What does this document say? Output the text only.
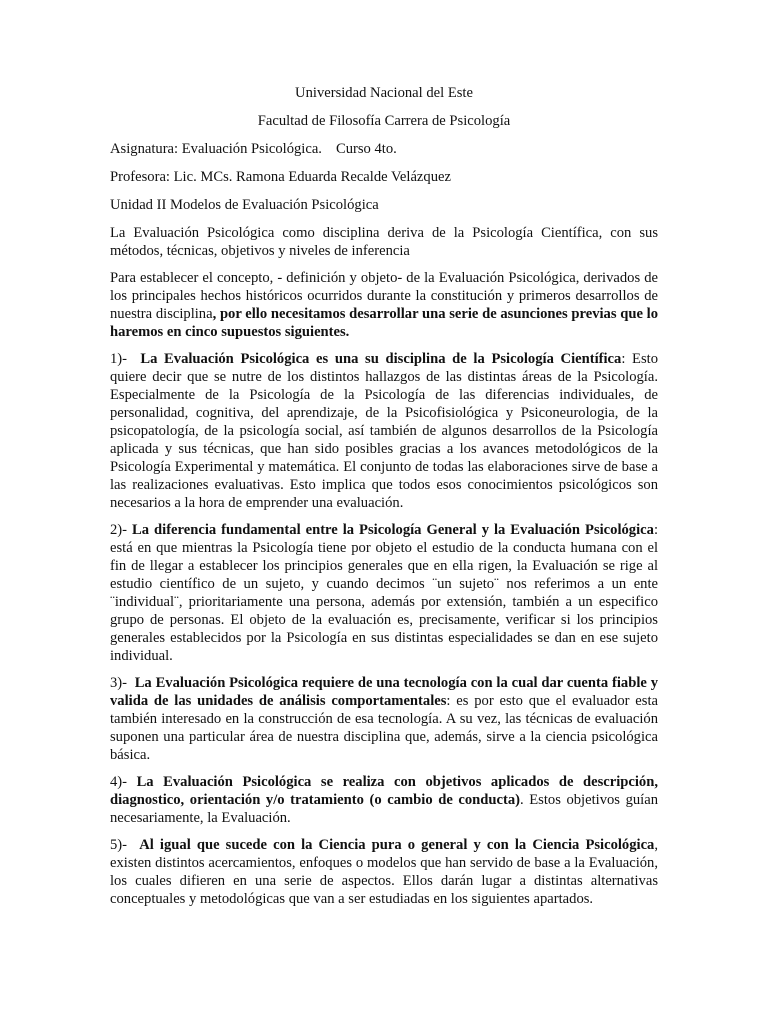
Universidad Nacional del Este

Facultad de Filosofía Carrera de Psicología

Asignatura: Evaluación Psicológica. Curso 4to.

Profesora: Lic. MCs. Ramona Eduarda Recalde Velázquez

Unidad II Modelos de Evaluación Psicológica

La Evaluación Psicológica como disciplina deriva de la Psicología Científica, con sus métodos, técnicas, objetivos y niveles de inferencia

Para establecer el concepto, - definición y objeto- de la Evaluación Psicológica, derivados de los principales hechos históricos ocurridos durante la constitución y primeros desarrollos de nuestra disciplina, por ello necesitamos desarrollar una serie de asunciones previas que lo haremos en cinco supuestos siguientes.

1)- La Evaluación Psicológica es una su disciplina de la Psicología Científica: Esto quiere decir que se nutre de los distintos hallazgos de las distintas áreas de la Psicología. Especialmente de la Psicología de la Psicología de las diferencias individuales, de personalidad, cognitiva, del aprendizaje, de la Psicofisiológica y Psiconeurologia, de la psicopatología, de la psicología social, así también de algunos desarrollos de la Psicología aplicada y sus técnicas, que han sido posibles gracias a los avances metodológicos de la Psicología Experimental y matemática. El conjunto de todas las elaboraciones sirve de base a las realizaciones evaluativas. Esto implica que todos esos conocimientos psicológicos son necesarios a la hora de emprender una evaluación.

2)- La diferencia fundamental entre la Psicología General y la Evaluación Psicológica: está en que mientras la Psicología tiene por objeto el estudio de la conducta humana con el fin de llegar a establecer los principios generales que en ella rigen, la Evaluación se rige al estudio científico de un sujeto, y cuando decimos ¨un sujeto¨ nos referimos a un ente ¨individual¨, prioritariamente una persona, además por extensión, también a un especifico grupo de personas. El objeto de la evaluación es, precisamente, verificar si los principios generales establecidos por la Psicología en sus distintas especialidades se dan en ese sujeto individual.

3)- La Evaluación Psicológica requiere de una tecnología con la cual dar cuenta fiable y valida de las unidades de análisis comportamentales: es por esto que el evaluador esta también interesado en la construcción de esa tecnología. A su vez, las técnicas de evaluación suponen una particular área de nuestra disciplina que, además, sirve a la ciencia psicológica básica.

4)- La Evaluación Psicológica se realiza con objetivos aplicados de descripción, diagnostico, orientación y/o tratamiento (o cambio de conducta). Estos objetivos guían necesariamente, la Evaluación.

5)- Al igual que sucede con la Ciencia pura o general y con la Ciencia Psicológica, existen distintos acercamientos, enfoques o modelos que han servido de base a la Evaluación, los cuales difieren en una serie de aspectos. Ellos darán lugar a distintas alternativas conceptuales y metodológicas que van a ser estudiadas en los siguientes apartados.
